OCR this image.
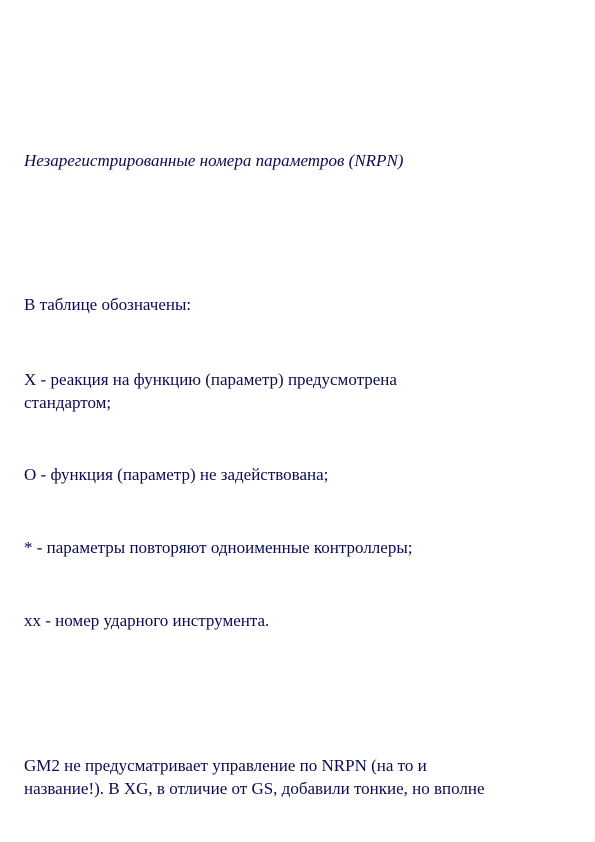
Незарегистрированные номера параметров (NRPN)

В таблице обозначены:

X - реакция на функцию (параметр) предусмотрена

стандартом;

O - функция (параметр) не задействована;

* - параметры повторяют одноименные контроллеры;

xx - номер ударного инструмента.

GM2 не предусматривает управление по NRPN (на то и

название!). В XG, в отличие от GS, добавили тонкие, но вполне
